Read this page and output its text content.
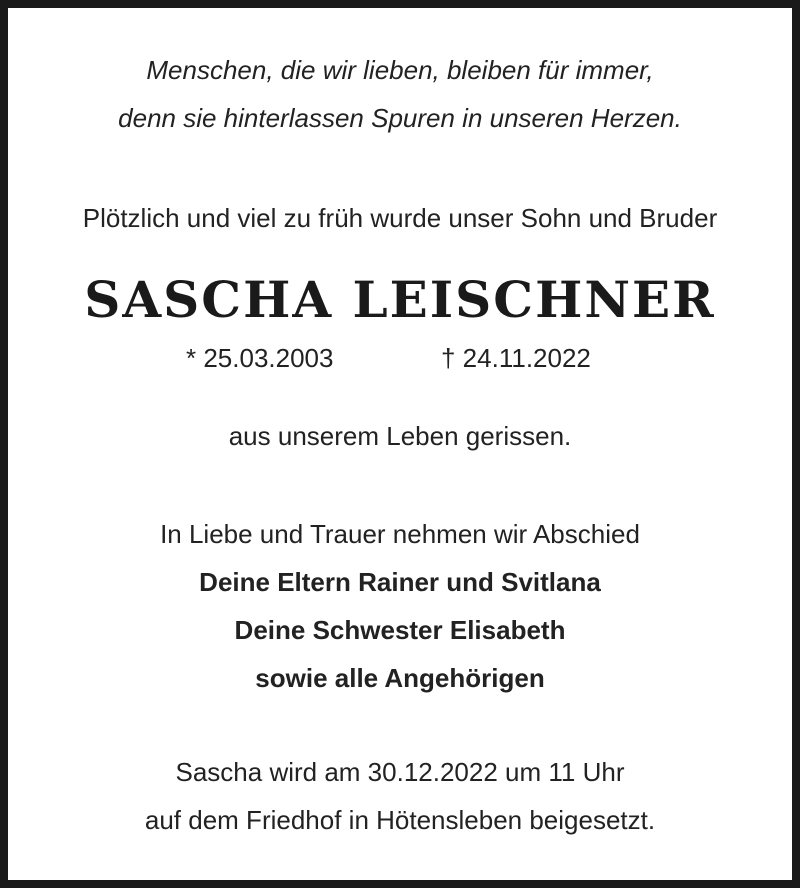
Menschen, die wir lieben, bleiben für immer,
denn sie hinterlassen Spuren in unseren Herzen.
Plötzlich und viel zu früh wurde unser Sohn und Bruder
SASCHA LEISCHNER
* 25.03.2003	† 24.11.2022
aus unserem Leben gerissen.
In Liebe und Trauer nehmen wir Abschied
Deine Eltern Rainer und Svitlana
Deine Schwester Elisabeth
sowie alle Angehörigen
Sascha wird am 30.12.2022 um 11 Uhr
auf dem Friedhof in Hötensleben beigesetzt.
